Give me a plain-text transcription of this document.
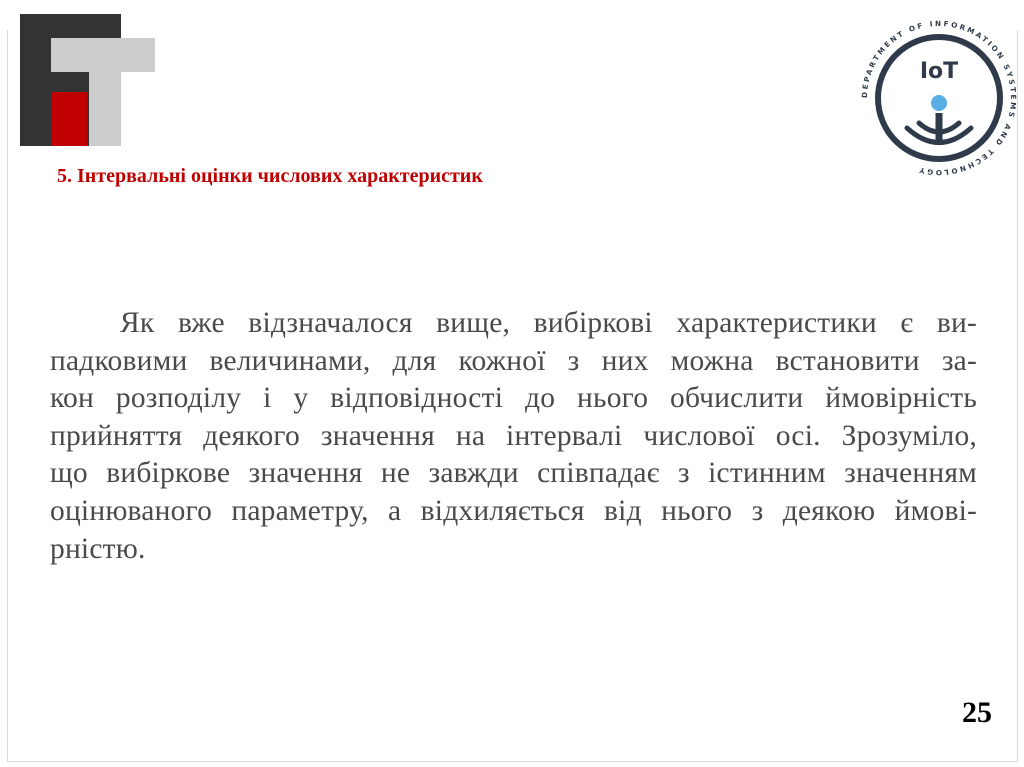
DEPARTMENT OF INFORMATION SYSTEMS AND TECHNOLOGY
IoT
5. Інтервальні оцінки числових характеристик

Як вже відзначалося вище, вибіркові характеристики є ви-
падковими величинами, для кожної з них можна встановити за-
кон розподілу і у відповідності до нього обчислити ймовірність
прийняття деякого значення на інтервалі числової осі. Зрозуміло,
що вибіркове значення не завжди співпадає з істинним значенням
оцінюваного параметру, а відхиляється від нього з деякою ймові-
рністю.

25
